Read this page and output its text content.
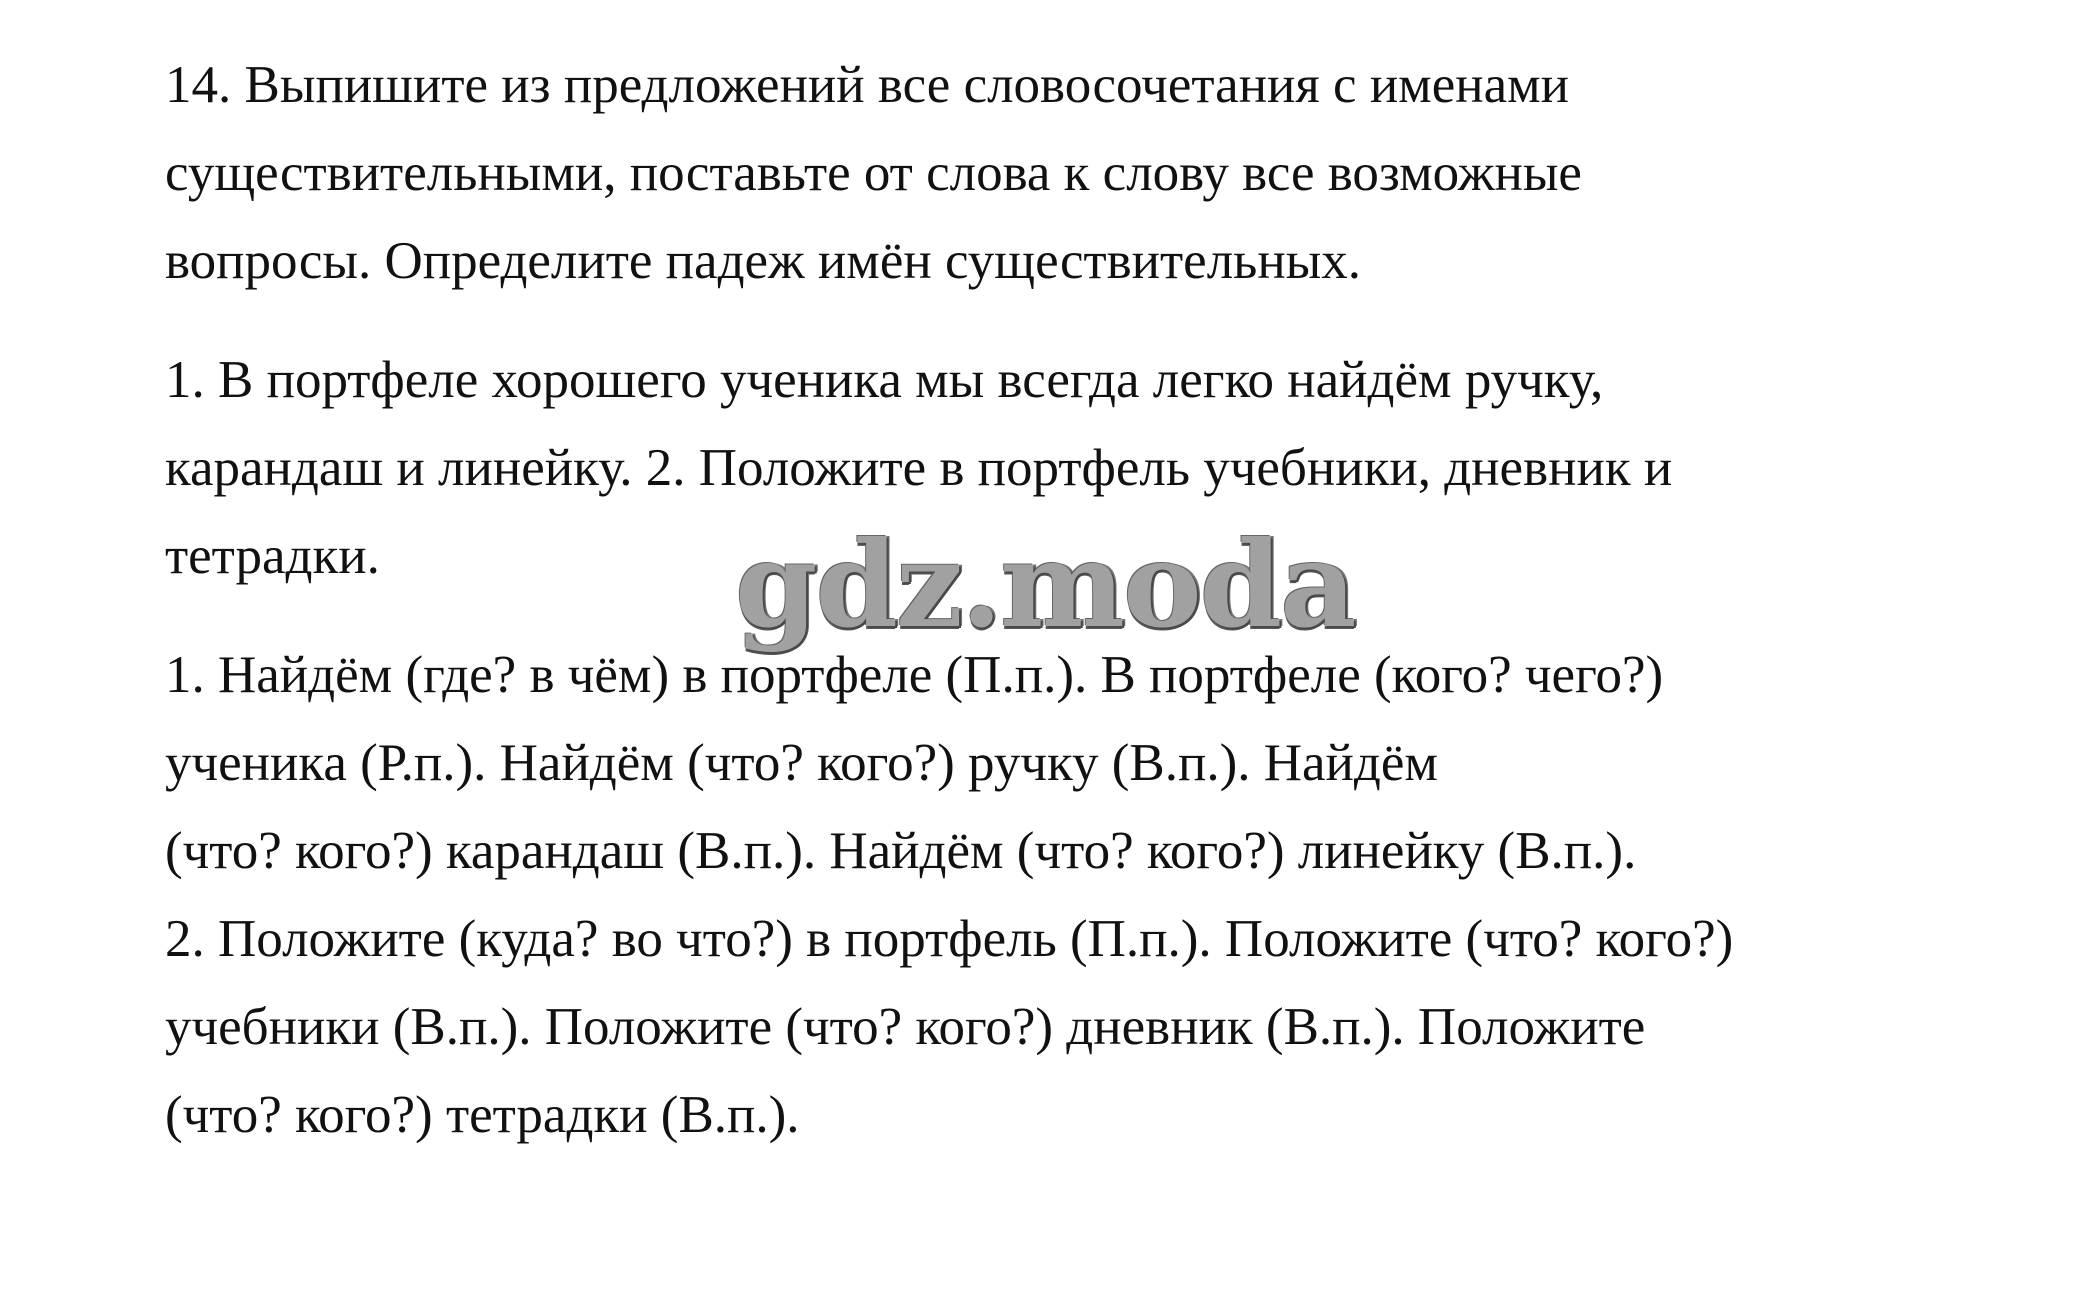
14. Выпишите из предложений все словосочетания с именами
существительными, поставьте от слова к слову все возможные
вопросы. Определите падеж имён существительных.
1. В портфеле хорошего ученика мы всегда легко найдём ручку,
карандаш и линейку. 2. Положите в портфель учебники, дневник и
тетрадки.	gdz.moda
1. Найдём (где? в чём) в портфеле (П.п.). В портфеле (кого? чего?)
ученика (Р.п.). Найдём (что? кого?) ручку (В.п.). Найдём
(что? кого?) карандаш (В.п.). Найдём (что? кого?) линейку (В.п.).
2. Положите (куда? во что?) в портфель (П.п.). Положите (что? кого?)
учебники (В.п.). Положите (что? кого?) дневник (В.п.). Положите
(что? кого?) тетрадки (В.п.).
